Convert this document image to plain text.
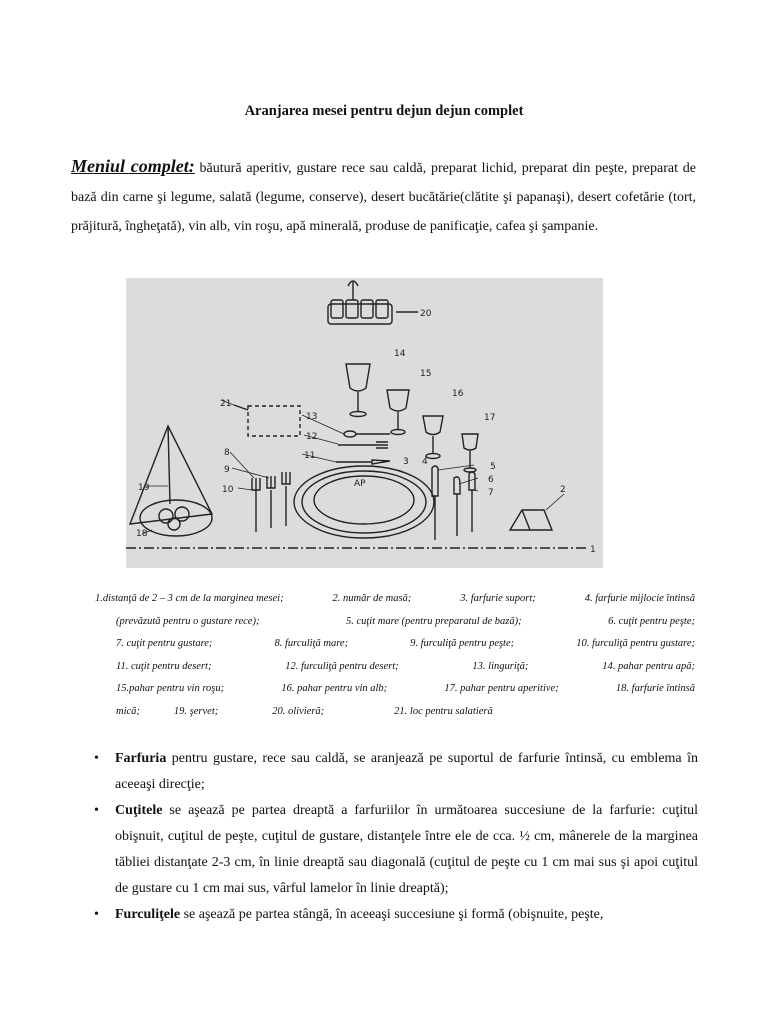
Aranjarea mesei pentru dejun dejun complet
Meniul complet: băutură aperitiv, gustare rece sau caldă, preparat lichid, preparat din peşte, preparat de bază din carne şi legume, salată (legume, conserve), desert bucătărie(clătite şi papanaşi), desert cofetărie (tort, prăjitură, îngheţată), vin alb, vin roşu, apă minerală, produse de panificaţie, cafea şi şampanie.
1
2
3 4	5
6
7
8
9
10
11
12
13
14
15
16
17
18
19
20
21
AP
1.distanţă de 2 – 3 cm de la marginea mesei;	2. număr de masă;	3. farfurie suport;	4. farfurie mijlocie întinsă
(prevăzută pentru o gustare rece);	5. cuţit mare (pentru preparatul de bază);	6. cuţit pentru peşte;
7. cuţit pentru gustare;	8. furculiţă mare;	9. furculiţă pentru peşte;	10. furculiţă pentru gustare;
11. cuţit pentru desert;	12. furculiţă pentru desert;	13. linguriţă;	14. pahar pentru apă;
15.pahar pentru vin roşu;	16. pahar pentru vin alb;	17. pahar pentru aperitive;	18. farfurie întinsă
mică;	19. şervet;	20. olivieră;	21. loc pentru salatieră
• Farfuria pentru gustare, rece sau caldă, se aranjează pe suportul de farfurie întinsă, cu emblema în aceeaşi direcţie;
• Cuţitele se aşează pe partea dreaptă a farfuriilor în următoarea succesiune de la farfurie: cuţitul obişnuit, cuţitul de peşte, cuţitul de gustare, distanţele între ele de cca. ½ cm, mânerele de la marginea tăbliei distanţate 2-3 cm, în linie dreaptă sau diagonală (cuţitul de peşte cu 1 cm mai sus şi apoi cuţitul de gustare cu 1 cm mai sus, vârful lamelor în linie dreaptă);
• Furculiţele se aşează pe partea stângă, în aceeaşi succesiune şi formă (obişnuite, peşte,
